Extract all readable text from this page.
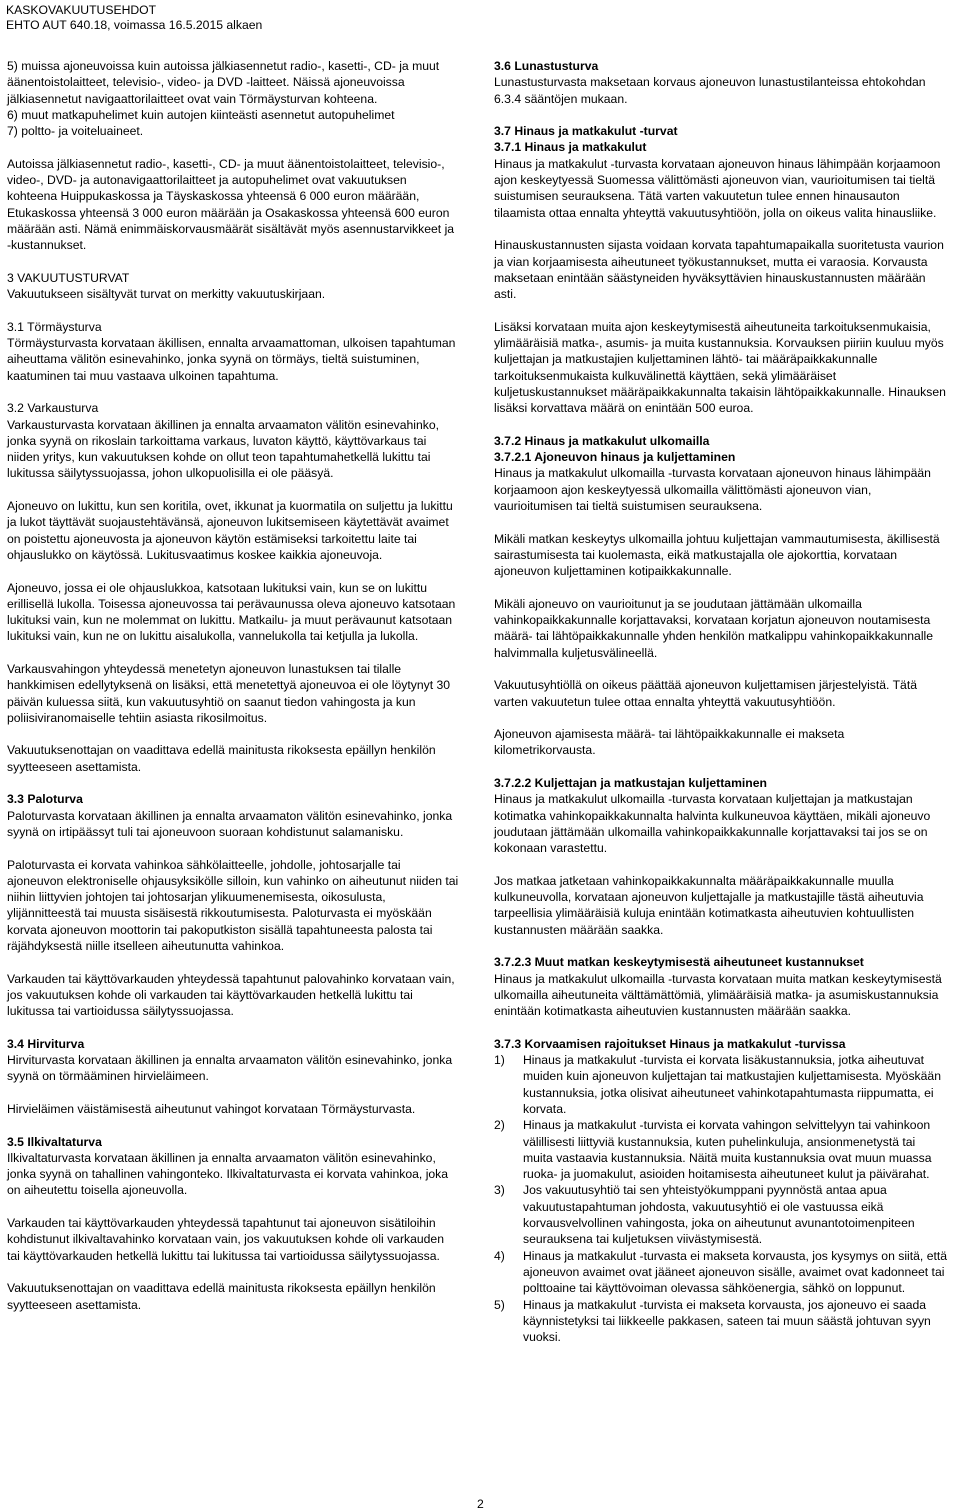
KASKOVAKUUTUSEHDOT
EHTO AUT 640.18, voimassa 16.5.2015 alkaen

5) muissa ajoneuvoissa kuin autoissa jälkiasennetut radio-, kasetti-, CD- ja muut äänentoistolaitteet, televisio-, video- ja DVD -laitteet. Näissä ajoneuvoissa jälkiasennetut navigaattorilaitteet ovat vain Törmäysturvan kohteena.
6) muut matkapuhelimet kuin autojen kiinteästi asennetut autopuhelimet
7) poltto- ja voiteluaineet.

Autoissa jälkiasennetut radio-, kasetti-, CD- ja muut äänentoistolaitteet, televisio-, video-, DVD- ja autonavigaattorilaitteet ja autopuhelimet ovat vakuutuksen kohteena Huippukaskossa ja Täyskaskossa yhteensä 6 000 euron määrään, Etukaskossa yhteensä 3 000 euron määrään ja Osakaskossa yhteensä 600 euron määrään asti. Nämä enimmäiskorvausmäärät sisältävät myös asennustarvikkeet ja -kustannukset.

3 VAKUUTUSTURVAT

Vakuutukseen sisältyvät turvat on merkitty vakuutuskirjaan.

3.1 Törmäysturva

Törmäysturvasta korvataan äkillisen, ennalta arvaamattoman, ulkoisen tapahtuman aiheuttama välitön esinevahinko, jonka syynä on törmäys, tieltä suistuminen, kaatuminen tai muu vastaava ulkoinen tapahtuma.

3.2 Varkausturva

Varkausturvasta korvataan äkillinen ja ennalta arvaamaton välitön esinevahinko, jonka syynä on rikoslain tarkoittama varkaus, luvaton käyttö, käyttövarkaus tai niiden yritys, kun vakuutuksen kohde on ollut teon tapahtumahetkellä lukittu tai lukitussa säilytyssuojassa, johon ulkopuolisilla ei ole pääsyä.

Ajoneuvo on lukittu, kun sen koritila, ovet, ikkunat ja kuormatila on suljettu ja lukittu ja lukot täyttävät suojaustehtävänsä, ajoneuvon lukitsemiseen käytettävät avaimet on poistettu ajoneuvosta ja ajoneuvon käytön estämiseksi tarkoitettu laite tai ohjauslukko on käytössä. Lukitusvaatimus koskee kaikkia ajoneuvoja.

Ajoneuvo, jossa ei ole ohjauslukkoa, katsotaan lukituksi vain, kun se on lukittu erillisellä lukolla. Toisessa ajoneuvossa tai perävaunussa oleva ajoneuvo katsotaan lukituksi vain, kun ne molemmat on lukittu. Matkailu- ja muut perävaunut katsotaan lukituksi vain, kun ne on lukittu aisalukolla, vannelukolla tai ketjulla ja lukolla.

Varkausvahingon yhteydessä menetetyn ajoneuvon lunastuksen tai tilalle hankkimisen edellytyksenä on lisäksi, että menetettyä ajoneuvoa ei ole löytynyt 30 päivän kuluessa siitä, kun vakuutusyhtiö on saanut tiedon vahingosta ja kun poliisiviranomaiselle tehtiin asiasta rikosilmoitus.

Vakuutuksenottajan on vaadittava edellä mainitusta rikoksesta epäillyn henkilön syytteeseen asettamista.

3.3 Paloturva

Paloturvasta korvataan äkillinen ja ennalta arvaamaton välitön esinevahinko, jonka syynä on irtipäässyt tuli tai ajoneuvoon suoraan kohdistunut salamanisku.

Paloturvasta ei korvata vahinkoa sähkölaitteelle, johdolle, johtosarjalle tai ajoneuvon elektroniselle ohjausyksikölle silloin, kun vahinko on aiheutunut niiden tai niihin liittyvien johtojen tai johtosarjan ylikuumenemisesta, oikosulusta, ylijännitteestä tai muusta sisäisestä rikkoutumisesta. Paloturvasta ei myöskään korvata ajoneuvon moottorin tai pakoputkiston sisällä tapahtuneesta palosta tai räjähdyksestä niille itselleen aiheutunutta vahinkoa.

Varkauden tai käyttövarkauden yhteydessä tapahtunut palovahinko korvataan vain, jos vakuutuksen kohde oli varkauden tai käyttövarkauden hetkellä lukittu tai lukitussa tai vartioidussa säilytyssuojassa.

3.4 Hirviturva

Hirviturvasta korvataan äkillinen ja ennalta arvaamaton välitön esinevahinko, jonka syynä on törmääminen hirvieläimeen.

Hirvieläimen väistämisestä aiheutunut vahingot korvataan Törmäysturvasta.

3.5 Ilkivaltaturva

Ilkivaltaturvasta korvataan äkillinen ja ennalta arvaamaton välitön esinevahinko, jonka syynä on tahallinen vahingonteko. Ilkivaltaturvasta ei korvata vahinkoa, joka on aiheutettu toisella ajoneuvolla.

Varkauden tai käyttövarkauden yhteydessä tapahtunut tai ajoneuvon sisätiloihin kohdistunut ilkivaltavahinko korvataan vain, jos vakuutuksen kohde oli varkauden tai käyttövarkauden hetkellä lukittu tai lukitussa tai vartioidussa säilytyssuojassa.

Vakuutuksenottajan on vaadittava edellä mainitusta rikoksesta epäillyn henkilön syytteeseen asettamista.

3.6 Lunastusturva

Lunastusturvasta maksetaan korvaus ajoneuvon lunastustilanteissa ehtokohdan 6.3.4 sääntöjen mukaan.

3.7 Hinaus ja matkakulut -turvat
3.7.1 Hinaus ja matkakulut

Hinaus ja matkakulut -turvasta korvataan ajoneuvon hinaus lähimpään korjaamoon ajon keskeytyessä Suomessa välittömästi ajoneuvon vian, vaurioitumisen tai tieltä suistumisen seurauksena. Tätä varten vakuutetun tulee ennen hinausauton tilaamista ottaa ennalta yhteyttä vakuutusyhtiöön, jolla on oikeus valita hinausliike.

Hinauskustannusten sijasta voidaan korvata tapahtumapaikalla suoritetusta vaurion ja vian korjaamisesta aiheutuneet työkustannukset, mutta ei varaosia. Korvausta maksetaan enintään säästyneiden hyväksyttävien hinauskustannusten määrään asti.

Lisäksi korvataan muita ajon keskeytymisestä aiheutuneita tarkoituksenmukaisia, ylimääräisiä matka-, asumis- ja muita kustannuksia. Korvauksen piiriin kuuluu myös kuljettajan ja matkustajien kuljettaminen lähtö- tai määräpaikkakunnalle tarkoituksenmukaista kulkuvälinettä käyttäen, sekä ylimääräiset kuljetuskustannukset määräpaikkakunnalta takaisin lähtöpaikkakunnalle. Hinauksen lisäksi korvattava määrä on enintään 500 euroa.

3.7.2 Hinaus ja matkakulut ulkomailla
3.7.2.1 Ajoneuvon hinaus ja kuljettaminen

Hinaus ja matkakulut ulkomailla -turvasta korvataan ajoneuvon hinaus lähimpään korjaamoon ajon keskeytyessä ulkomailla välittömästi ajoneuvon vian, vaurioitumisen tai tieltä suistumisen seurauksena.

Mikäli matkan keskeytys ulkomailla johtuu kuljettajan vammautumisesta, äkillisestä sairastumisesta tai kuolemasta, eikä matkustajalla ole ajokorttia, korvataan ajoneuvon kuljettaminen kotipaikkakunnalle.

Mikäli ajoneuvo on vaurioitunut ja se joudutaan jättämään ulkomailla vahinkopaikkakunnalle korjattavaksi, korvataan korjatun ajoneuvon noutamisesta määrä- tai lähtöpaikkakunnalle yhden henkilön matkalippu vahinkopaikkakunnalle halvimmalla kuljetusvälineellä.

Vakuutusyhtiöllä on oikeus päättää ajoneuvon kuljettamisen järjestelyistä. Tätä varten vakuutetun tulee ottaa ennalta yhteyttä vakuutusyhtiöön.

Ajoneuvon ajamisesta määrä- tai lähtöpaikkakunnalle ei makseta kilometrikorvausta.

3.7.2.2 Kuljettajan ja matkustajan kuljettaminen

Hinaus ja matkakulut ulkomailla -turvasta korvataan kuljettajan ja matkustajan kotimatka vahinkopaikkakunnalta halvinta kulkuneuvoa käyttäen, mikäli ajoneuvo joudutaan jättämään ulkomailla vahinkopaikkakunnalle korjattavaksi tai jos se on kokonaan varastettu.

Jos matkaa jatketaan vahinkopaikkakunnalta määräpaikkakunnalle muulla kulkuneuvolla, korvataan ajoneuvon kuljettajalle ja matkustajille tästä aiheutuvia tarpeellisia ylimääräisiä kuluja enintään kotimatkasta aiheutuvien kohtuullisten kustannusten määrään saakka.

3.7.2.3 Muut matkan keskeytymisestä aiheutuneet kustannukset

Hinaus ja matkakulut ulkomailla -turvasta korvataan muita matkan keskeytymisestä ulkomailla aiheutuneita välttämättömiä, ylimääräisiä matka- ja asumiskustannuksia enintään kotimatkasta aiheutuvien kustannusten määrään saakka.

3.7.3 Korvaamisen rajoitukset Hinaus ja matkakulut -turvissa
1)	Hinaus ja matkakulut -turvista ei korvata lisäkustannuksia, jotka aiheutuvat muiden kuin ajoneuvon kuljettajan tai matkustajien kuljettamisesta. Myöskään kustannuksia, jotka olisivat aiheutuneet vahinkotapahtumasta riippumatta, ei korvata.
2)	Hinaus ja matkakulut -turvista ei korvata vahingon selvittelyyn tai vahinkoon välillisesti liittyviä kustannuksia, kuten puhelinkuluja, ansionmenetystä tai muita vastaavia kustannuksia. Näitä muita kustannuksia ovat muun muassa ruoka- ja juomakulut, asioiden hoitamisesta aiheutuneet kulut ja päivärahat.
3)	Jos vakuutusyhtiö tai sen yhteistyökumppani pyynnöstä antaa apua vakuutustapahtuman johdosta, vakuutusyhtiö ei ole vastuussa eikä korvausvelvollinen vahingosta, joka on aiheutunut avunantotoimenpiteen seurauksena tai kuljetuksen viivästymisestä.
4)	Hinaus ja matkakulut -turvasta ei makseta korvausta, jos kysymys on siitä, että ajoneuvon avaimet ovat jääneet ajoneuvon sisälle, avaimet ovat kadonneet tai polttoaine tai käyttövoiman olevassa sähköenergia, sähkö on loppunut.
5)	Hinaus ja matkakulut -turvista ei makseta korvausta, jos ajoneuvo ei saada käynnistetyksi tai liikkeelle pakkasen, sateen tai muun säästä johtuvan syyn vuoksi.
2
